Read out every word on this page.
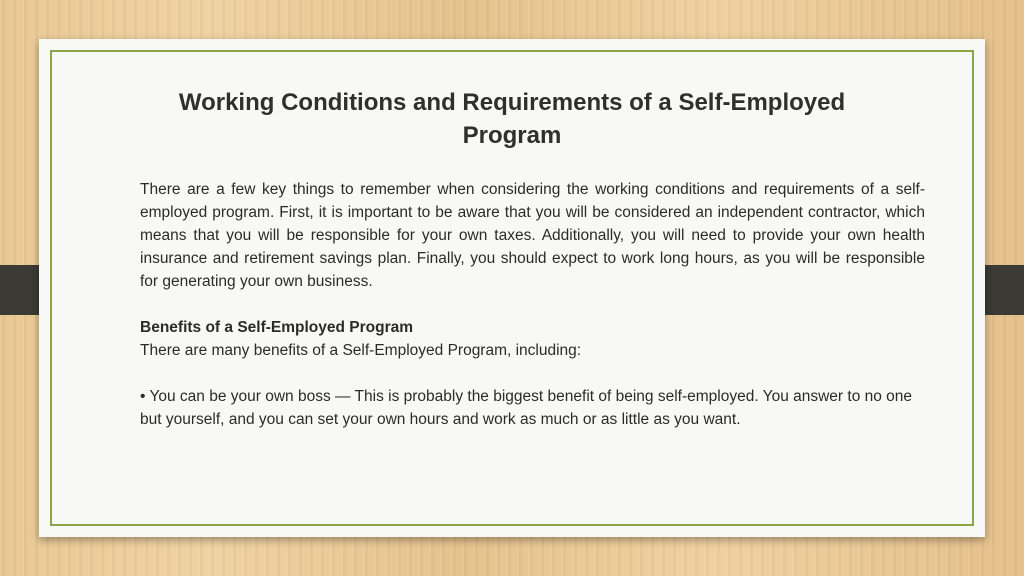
Working Conditions and Requirements of a Self-Employed Program

There are a few key things to remember when considering the working conditions and requirements of a self-employed program. First, it is important to be aware that you will be considered an independent contractor, which means that you will be responsible for your own taxes. Additionally, you will need to provide your own health insurance and retirement savings plan. Finally, you should expect to work long hours, as you will be responsible for generating your own business.

Benefits of a Self-Employed Program

There are many benefits of a Self-Employed Program, including:

• You can be your own boss — This is probably the biggest benefit of being self-employed. You answer to no one but yourself, and you can set your own hours and work as much or as little as you want.
